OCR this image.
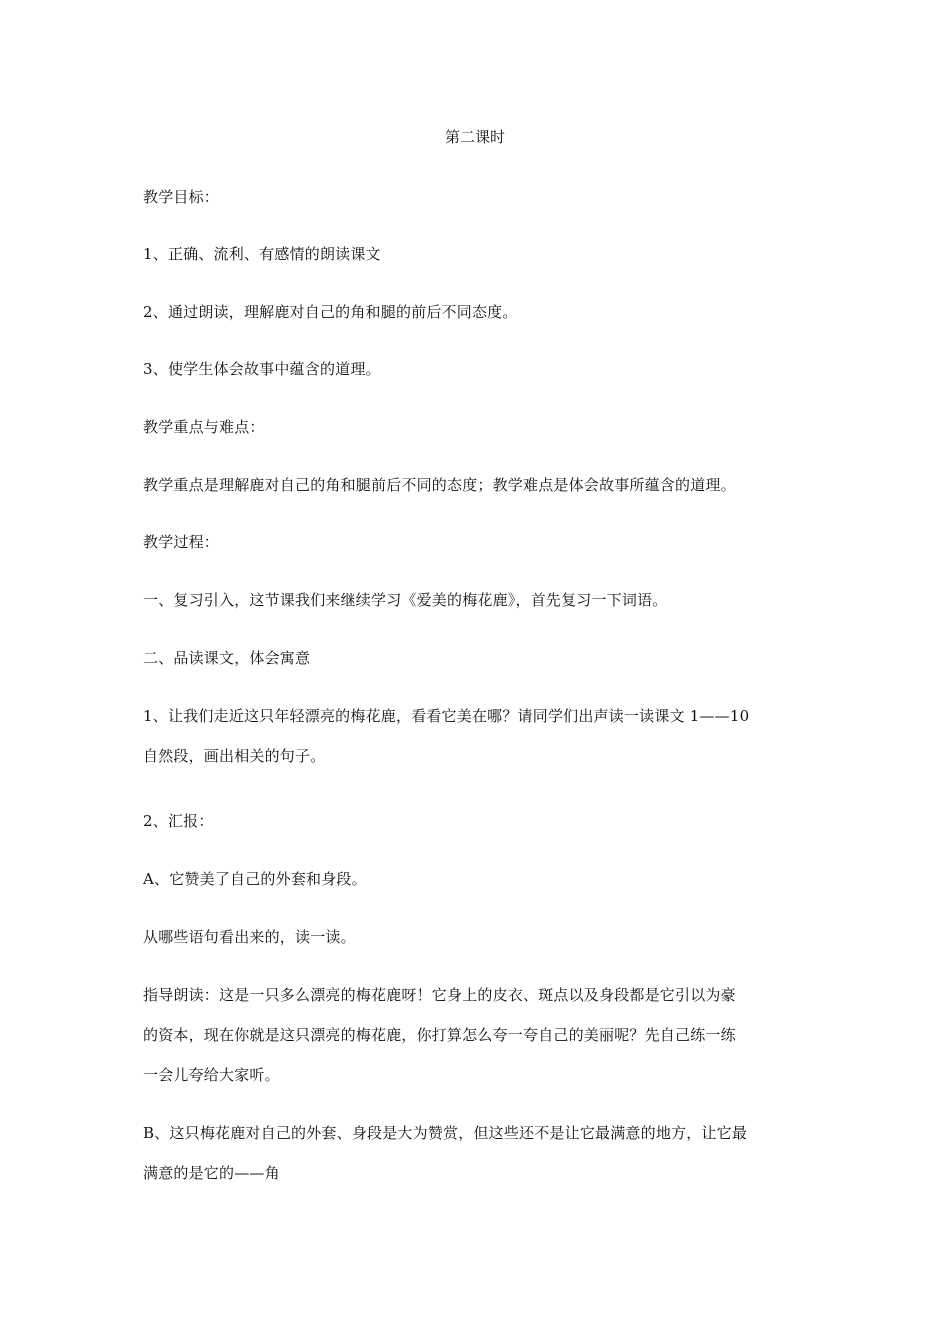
第二课时
教学目标：
1、正确、流利、有感情的朗读课文
2、通过朗读，理解鹿对自己的角和腿的前后不同态度。
3、使学生体会故事中蕴含的道理。
教学重点与难点：
教学重点是理解鹿对自己的角和腿前后不同的态度；教学难点是体会故事所蕴含的道理。
教学过程：
一、复习引入，这节课我们来继续学习《爱美的梅花鹿》，首先复习一下词语。
二、品读课文，体会寓意
1、让我们走近这只年轻漂亮的梅花鹿，看看它美在哪？请同学们出声读一读课文 1——10
自然段，画出相关的句子。
2、汇报：
A、它赞美了自己的外套和身段。
从哪些语句看出来的，读一读。
指导朗读：这是一只多么漂亮的梅花鹿呀！它身上的皮衣、斑点以及身段都是它引以为豪
的资本，现在你就是这只漂亮的梅花鹿，你打算怎么夸一夸自己的美丽呢？先自己练一练
一会儿夸给大家听。
B、这只梅花鹿对自己的外套、身段是大为赞赏，但这些还不是让它最满意的地方，让它最
满意的是它的——角
